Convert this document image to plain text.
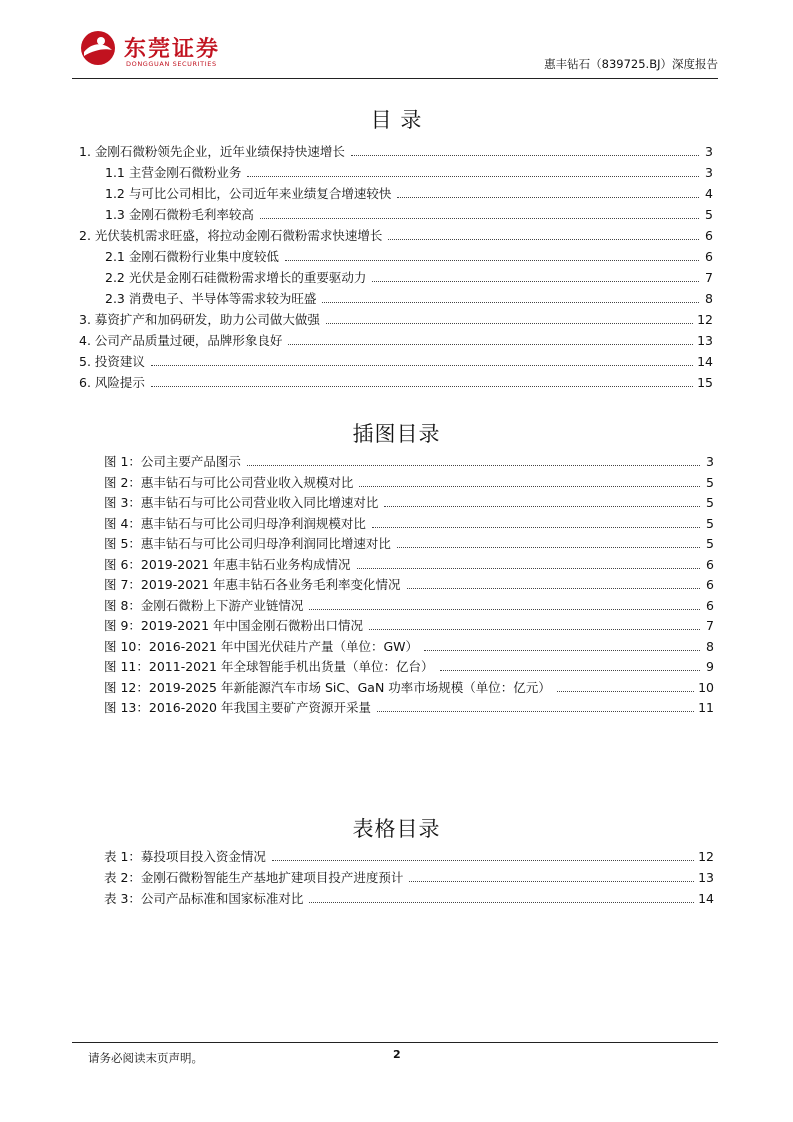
东莞证券
DONGGUAN SECURITIES	惠丰钻石（839725.BJ）深度报告
目 录
1. 金刚石微粉领先企业，近年业绩保持快速增长	3
1.1 主营金刚石微粉业务	3
1.2 与可比公司相比，公司近年来业绩复合增速较快	4
1.3 金刚石微粉毛利率较高	5
2. 光伏装机需求旺盛，将拉动金刚石微粉需求快速增长	6
2.1 金刚石微粉行业集中度较低	6
2.2 光伏是金刚石硅微粉需求增长的重要驱动力	7
2.3 消费电子、半导体等需求较为旺盛	8
3. 募资扩产和加码研发，助力公司做大做强	12
4. 公司产品质量过硬，品牌形象良好	13
5. 投资建议	14
6. 风险提示	15
插图目录
图 1：公司主要产品图示	3
图 2：惠丰钻石与可比公司营业收入规模对比	5
图 3：惠丰钻石与可比公司营业收入同比增速对比	5
图 4：惠丰钻石与可比公司归母净利润规模对比	5
图 5：惠丰钻石与可比公司归母净利润同比增速对比	5
图 6：2019-2021 年惠丰钻石业务构成情况	6
图 7：2019-2021 年惠丰钻石各业务毛利率变化情况	6
图 8：金刚石微粉上下游产业链情况	6
图 9：2019-2021 年中国金刚石微粉出口情况	7
图 10：2016-2021 年中国光伏硅片产量（单位：GW）	8
图 11：2011-2021 年全球智能手机出货量（单位：亿台）	9
图 12：2019-2025 年新能源汽车市场 SiC、GaN 功率市场规模（单位：亿元）	10
图 13：2016-2020 年我国主要矿产资源开采量	11
表格目录
表 1：募投项目投入资金情况	12
表 2：金刚石微粉智能生产基地扩建项目投产进度预计	13
表 3：公司产品标准和国家标准对比	14
请务必阅读末页声明。	2
